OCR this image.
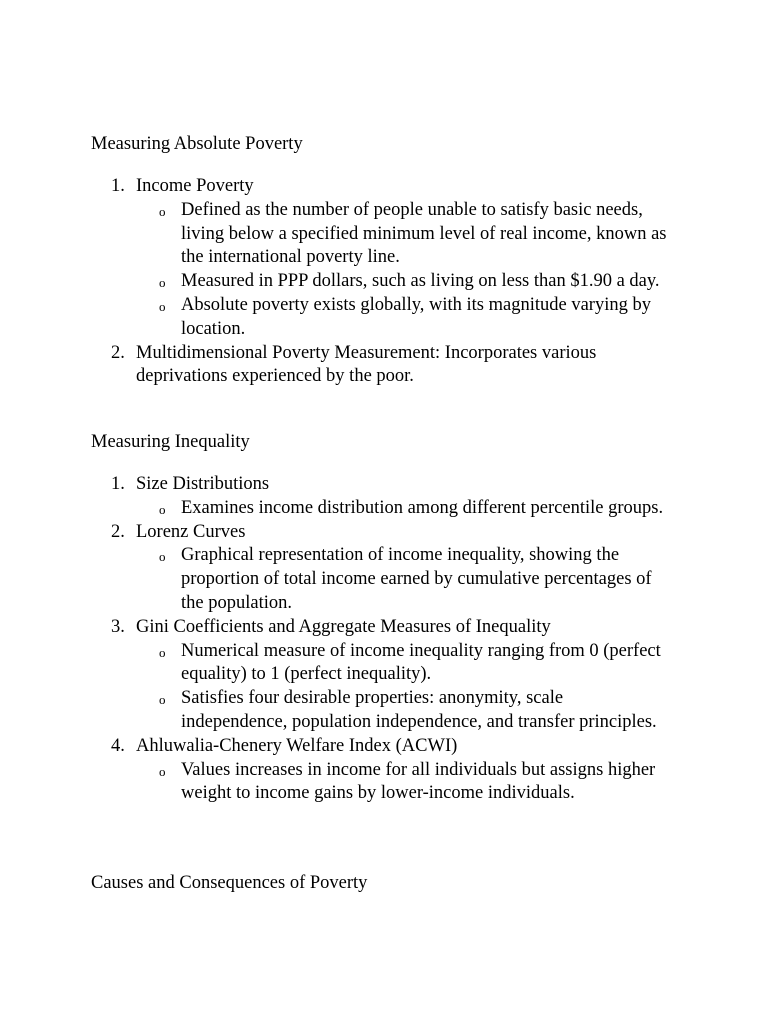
Measuring Absolute Poverty
1. Income Poverty
o Defined as the number of people unable to satisfy basic needs, living below a specified minimum level of real income, known as the international poverty line.
o Measured in PPP dollars, such as living on less than $1.90 a day.
o Absolute poverty exists globally, with its magnitude varying by location.
2. Multidimensional Poverty Measurement: Incorporates various deprivations experienced by the poor.
Measuring Inequality
1. Size Distributions
o Examines income distribution among different percentile groups.
2. Lorenz Curves
o Graphical representation of income inequality, showing the proportion of total income earned by cumulative percentages of the population.
3. Gini Coefficients and Aggregate Measures of Inequality
o Numerical measure of income inequality ranging from 0 (perfect equality) to 1 (perfect inequality).
o Satisfies four desirable properties: anonymity, scale independence, population independence, and transfer principles.
4. Ahluwalia-Chenery Welfare Index (ACWI)
o Values increases in income for all individuals but assigns higher weight to income gains by lower-income individuals.
Causes and Consequences of Poverty
